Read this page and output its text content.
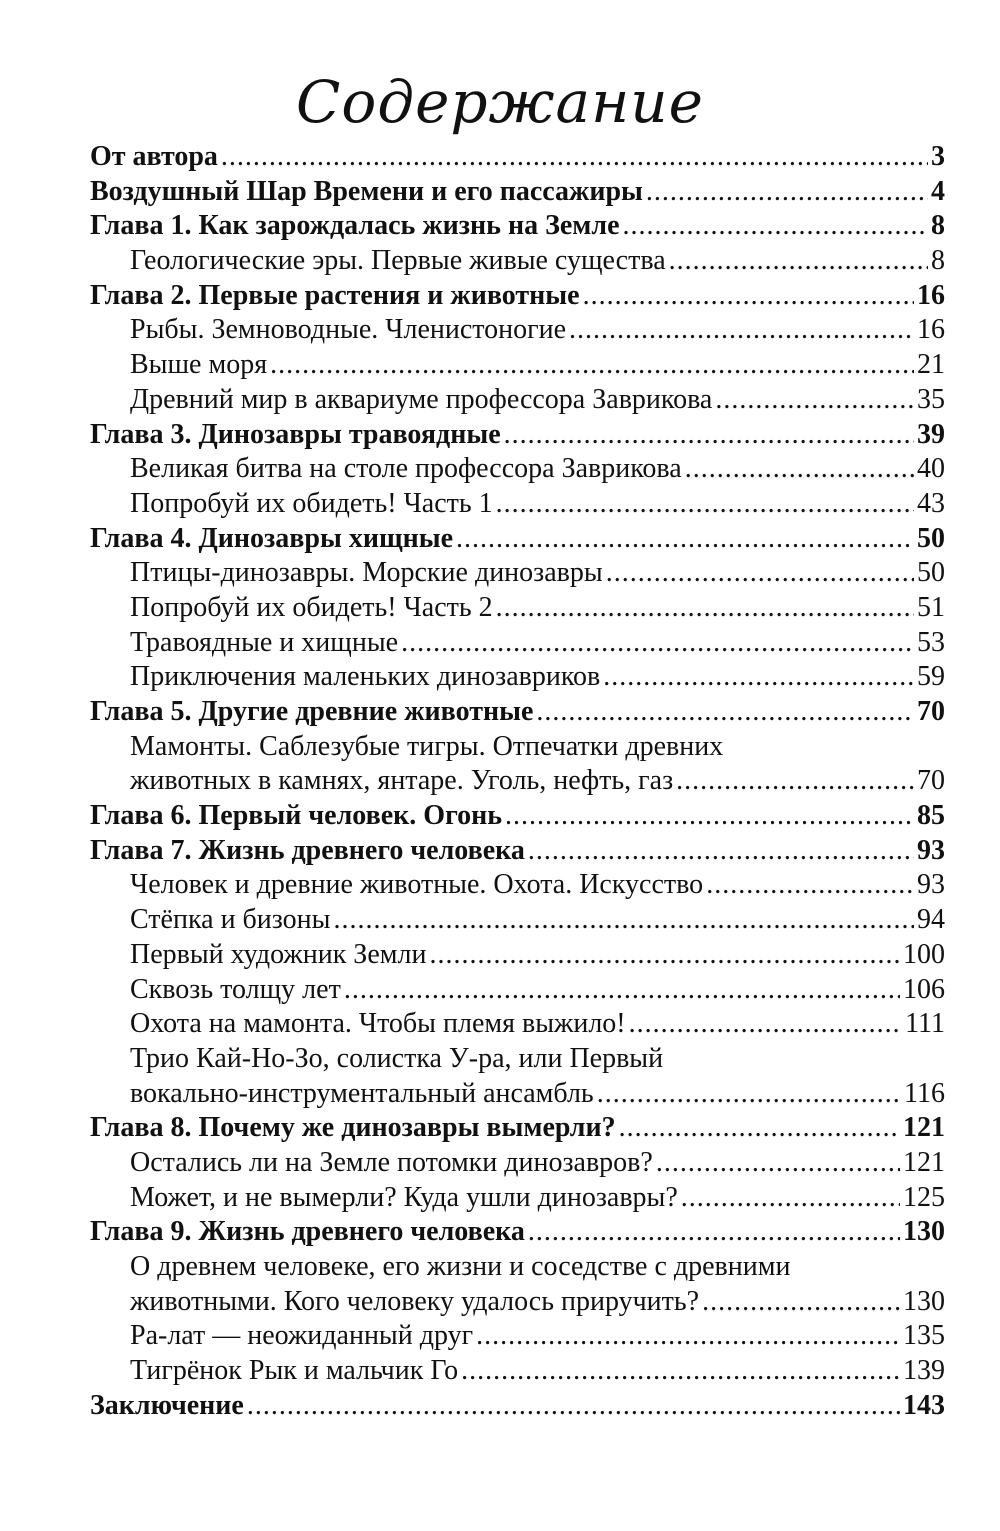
Содержание
От автора .....	3
Воздушный Шар Времени и его пассажиры .....	4
Глава 1. Как зарождалась жизнь на Земле .....	8
Геологические эры. Первые живые существа .....	8
Глава 2. Первые растения и животные .....	16
Рыбы. Земноводные. Членистоногие .....	16
Выше моря .....	21
Древний мир в аквариуме профессора Заврикова .....	35
Глава 3. Динозавры травоядные .....	39
Великая битва на столе профессора Заврикова .....	40
Попробуй их обидеть! Часть 1 .....	43
Глава 4. Динозавры хищные .....	50
Птицы-динозавры. Морские динозавры .....	50
Попробуй их обидеть! Часть 2 .....	51
Травоядные и хищные .....	53
Приключения маленьких динозавриков .....	59
Глава 5. Другие древние животные .....	70
Мамонты. Саблезубые тигры. Отпечатки древних
животных в камнях, янтаре. Уголь, нефть, газ .....	70
Глава 6. Первый человек. Огонь .....	85
Глава 7. Жизнь древнего человека .....	93
Человек и древние животные. Охота. Искусство .....	93
Стёпка и бизоны .....	94
Первый художник Земли .....	100
Сквозь толщу лет .....	106
Охота на мамонта. Чтобы племя выжило! .....	111
Трио Кай-Но-Зо, солистка У-ра, или Первый
вокально-инструментальный ансамбль .....	116
Глава 8. Почему же динозавры вымерли? .....	121
Остались ли на Земле потомки динозавров? .....	121
Может, и не вымерли? Куда ушли динозавры? .....	125
Глава 9. Жизнь древнего человека .....	130
О древнем человеке, его жизни и соседстве с древними
животными. Кого человеку удалось приручить? .....	130
Ра-лат — неожиданный друг .....	135
Тигрёнок Рык и мальчик Го .....	139
Заключение .....	143
